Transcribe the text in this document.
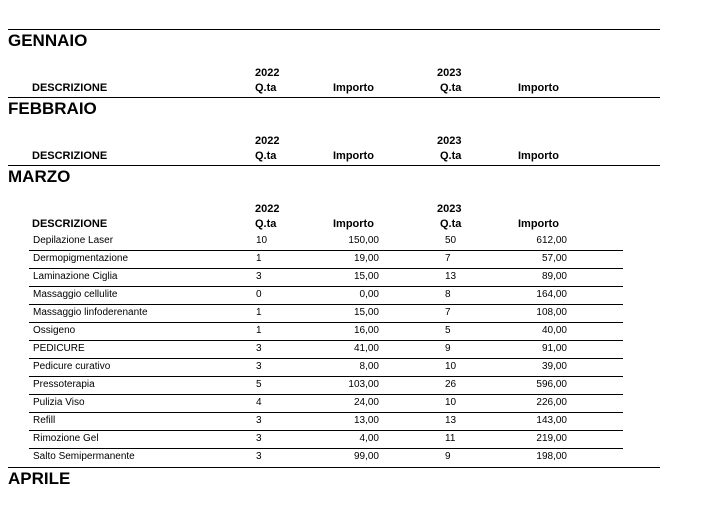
GENNAIO
2022	2023
DESCRIZIONE	Q.ta	Importo	Q.ta	Importo
FEBBRAIO
2022	2023
DESCRIZIONE	Q.ta	Importo	Q.ta	Importo
MARZO
2022	2023
DESCRIZIONE	Q.ta	Importo	Q.ta	Importo
Depilazione Laser	10	150,00	50	612,00
Dermopigmentazione	1	19,00	7	57,00
Laminazione Ciglia	3	15,00	13	89,00
Massaggio cellulite	0	0,00	8	164,00
Massaggio linfoderenante	1	15,00	7	108,00
Ossigeno	1	16,00	5	40,00
PEDICURE	3	41,00	9	91,00
Pedicure curativo	3	8,00	10	39,00
Pressoterapia	5	103,00	26	596,00
Pulizia Viso	4	24,00	10	226,00
Refill	3	13,00	13	143,00
Rimozione Gel	3	4,00	11	219,00
Salto Semipermanente	3	99,00	9	198,00
APRILE
